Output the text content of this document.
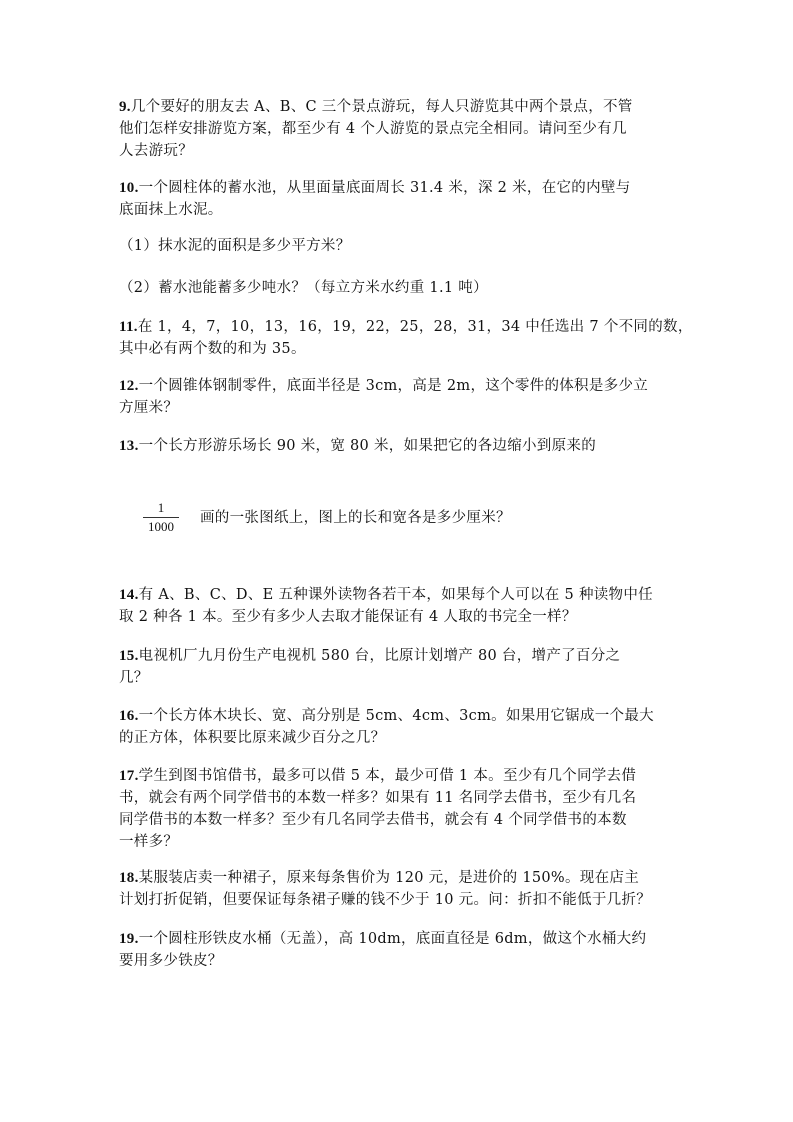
9.几个要好的朋友去 A、B、C 三个景点游玩，每人只游览其中两个景点，不管
他们怎样安排游览方案，都至少有 4 个人游览的景点完全相同。请问至少有几
人去游玩？
10.一个圆柱体的蓄水池，从里面量底面周长 31.4 米，深 2 米，在它的内壁与
底面抹上水泥。
（1）抹水泥的面积是多少平方米？
（2）蓄水池能蓄多少吨水？（每立方米水约重 1.1 吨）
11.在 1，4，7，10，13，16，19，22，25，28，31，34 中任选出 7 个不同的数，
其中必有两个数的和为 35。
12.一个圆锥体钢制零件，底面半径是 3cm，高是 2m，这个零件的体积是多少立
方厘米？
13.一个长方形游乐场长 90 米，宽 80 米，如果把它的各边缩小到原来的
1
1000
画的一张图纸上，图上的长和宽各是多少厘米？
14.有 A、B、C、D、E 五种课外读物各若干本，如果每个人可以在 5 种读物中任
取 2 种各 1 本。至少有多少人去取才能保证有 4 人取的书完全一样？
15.电视机厂九月份生产电视机 580 台，比原计划增产 80 台，增产了百分之
几？
16.一个长方体木块长、宽、高分别是 5cm、4cm、3cm。如果用它锯成一个最大
的正方体，体积要比原来减少百分之几？
17.学生到图书馆借书，最多可以借 5 本，最少可借 1 本。至少有几个同学去借
书，就会有两个同学借书的本数一样多？如果有 11 名同学去借书，至少有几名
同学借书的本数一样多？至少有几名同学去借书，就会有 4 个同学借书的本数
一样多？
18.某服装店卖一种裙子，原来每条售价为 120 元，是进价的 150%。现在店主
计划打折促销，但要保证每条裙子赚的钱不少于 10 元。问：折扣不能低于几折？
19.一个圆柱形铁皮水桶（无盖），高 10dm，底面直径是 6dm，做这个水桶大约
要用多少铁皮？
